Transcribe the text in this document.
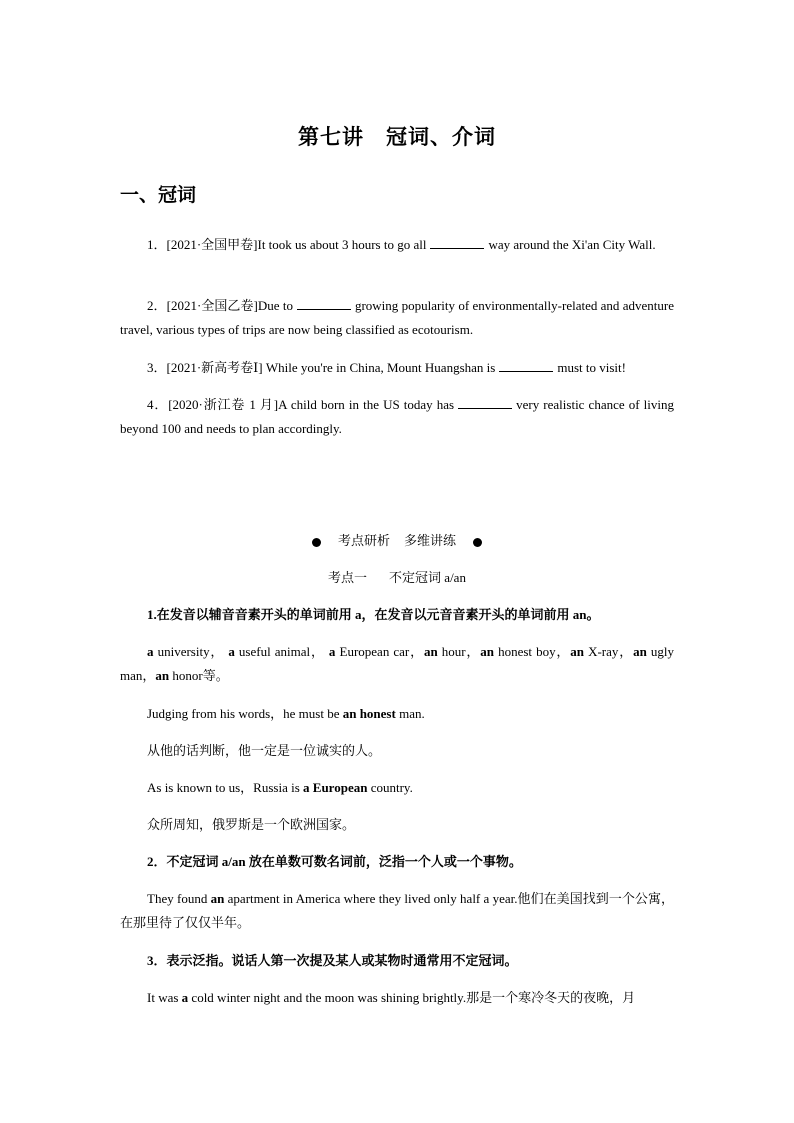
第七讲　冠词、介词
一、冠词
1．[2021·全国甲卷]It took us about 3 hours to go all	way around the Xi'an City Wall.
2．[2021·全国乙卷]Due to	growing popularity of environmentally-related and adventure travel, various types of trips are now being classified as ecotourism.
3．[2021·新高考卷Ⅰ] While you're in China, Mount Huangshan is	must to visit!
4．[2020·浙江卷 1 月]A child born in the US today has	very realistic chance of living beyond 100 and needs to plan accordingly.
考点研析 多维讲练
考点一 不定冠词 a/an
1.在发音以辅音音素开头的单词前用 a，在发音以元音音素开头的单词前用 an。
a university， a useful animal， a European car，an hour，an honest boy，an X-ray，an ugly man，an honor等。
Judging from his words，he must be an honest man.
从他的话判断，他一定是一位诚实的人。
As is known to us，Russia is a European country.
众所周知，俄罗斯是一个欧洲国家。
2．不定冠词 a/an 放在单数可数名词前，泛指一个人或一个事物。
They found an apartment in America where they lived only half a year.他们在美国找到一个公寓，在那里待了仅仅半年。
3．表示泛指。说话人第一次提及某人或某物时通常用不定冠词。
It was a cold winter night and the moon was shining brightly.那是一个寒冷冬天的夜晚，月
